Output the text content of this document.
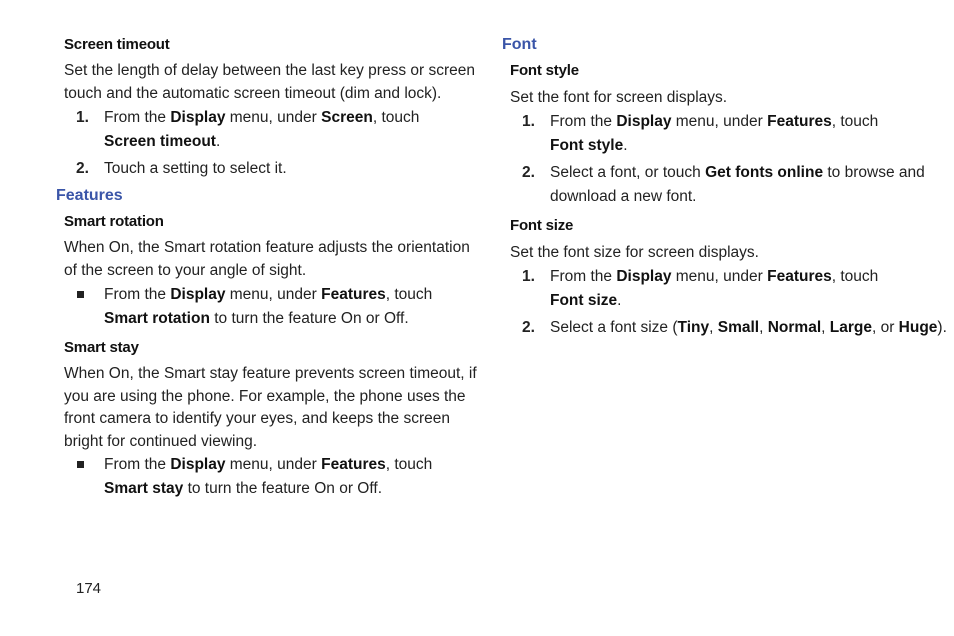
Screen timeout
Set the length of delay between the last key press or screen
touch and the automatic screen timeout (dim and lock).
1. From the Display menu, under Screen, touch
Screen timeout.
2. Touch a setting to select it.
Features
Smart rotation
When On, the Smart rotation feature adjusts the orientation
of the screen to your angle of sight.
From the Display menu, under Features, touch
Smart rotation to turn the feature On or Off.
Smart stay
When On, the Smart stay feature prevents screen timeout, if
you are using the phone. For example, the phone uses the
front camera to identify your eyes, and keeps the screen
bright for continued viewing.
From the Display menu, under Features, touch
Smart stay to turn the feature On or Off.
Font
Font style
Set the font for screen displays.
1. From the Display menu, under Features, touch
Font style.
2. Select a font, or touch Get fonts online to browse and
download a new font.
Font size
Set the font size for screen displays.
1. From the Display menu, under Features, touch
Font size.
2. Select a font size (Tiny, Small, Normal, Large, or Huge).
174
